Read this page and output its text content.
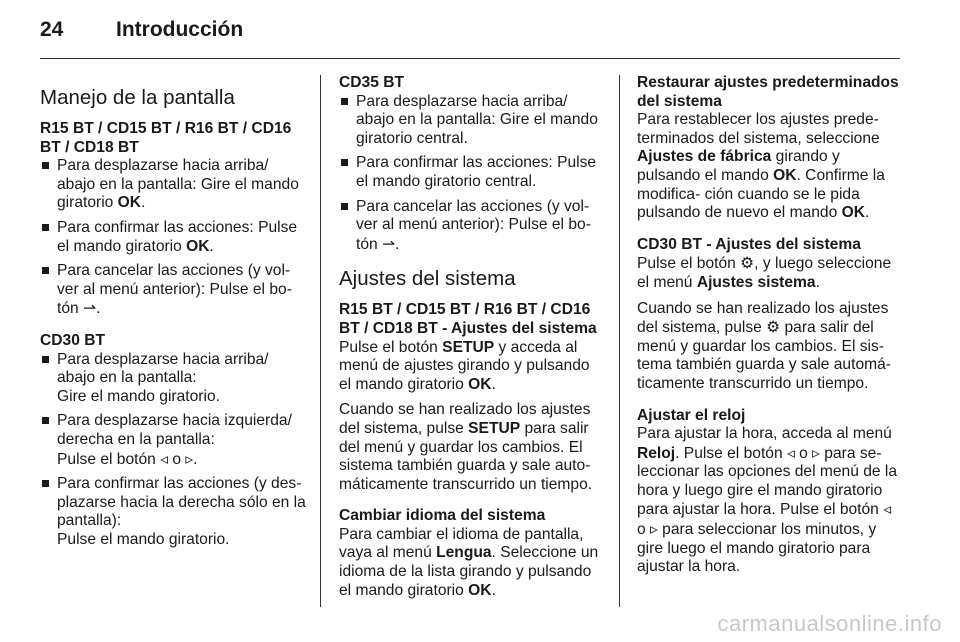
24	Introducción
Manejo de la pantalla
R15 BT / CD15 BT / R16 BT / CD16 BT / CD18 BT
Para desplazarse hacia arriba/ abajo en la pantalla: Gire el mando giratorio OK.
Para confirmar las acciones: Pulse el mando giratorio OK.
Para cancelar las acciones (y vol- ver al menú anterior): Pulse el bo- tón ⇀.
CD30 BT
Para desplazarse hacia arriba/ abajo en la pantalla:
Gire el mando giratorio.
Para desplazarse hacia izquierda/ derecha en la pantalla:
Pulse el botón ◃ o ▹.
Para confirmar las acciones (y des- plazarse hacia la derecha sólo en la pantalla):
Pulse el mando giratorio.
CD35 BT
Para desplazarse hacia arriba/ abajo en la pantalla: Gire el mando giratorio central.
Para confirmar las acciones: Pulse el mando giratorio central.
Para cancelar las acciones (y vol- ver al menú anterior): Pulse el bo- tón ⇀.
Ajustes del sistema
R15 BT / CD15 BT / R16 BT / CD16 BT / CD18 BT - Ajustes del sistema

Pulse el botón SETUP y acceda al menú de ajustes girando y pulsando el mando giratorio OK.

Cuando se han realizado los ajustes del sistema, pulse SETUP para salir del menú y guardar los cambios. El sistema también guarda y sale auto- máticamente transcurrido un tiempo.

Cambiar idioma del sistema

Para cambiar el idioma de pantalla, vaya al menú Lengua. Seleccione un idioma de la lista girando y pulsando el mando giratorio OK.

Restaurar ajustes predeterminados del sistema

Para restablecer los ajustes prede- terminados del sistema, seleccione Ajustes de fábrica girando y pulsando el mando OK. Confirme la modifica- ción cuando se le pida pulsando de nuevo el mando OK.

CD30 BT - Ajustes del sistema

Pulse el botón ⚙, y luego seleccione el menú Ajustes sistema.

Cuando se han realizado los ajustes del sistema, pulse ⚙ para salir del menú y guardar los cambios. El sis- tema también guarda y sale automá- ticamente transcurrido un tiempo.

Ajustar el reloj

Para ajustar la hora, acceda al menú Reloj. Pulse el botón ◃ o ▹ para se- leccionar las opciones del menú de la hora y luego gire el mando giratorio para ajustar la hora. Pulse el botón ◃ o ▹ para seleccionar los minutos, y gire luego el mando giratorio para ajustar la hora.

carmanualsonline.info
